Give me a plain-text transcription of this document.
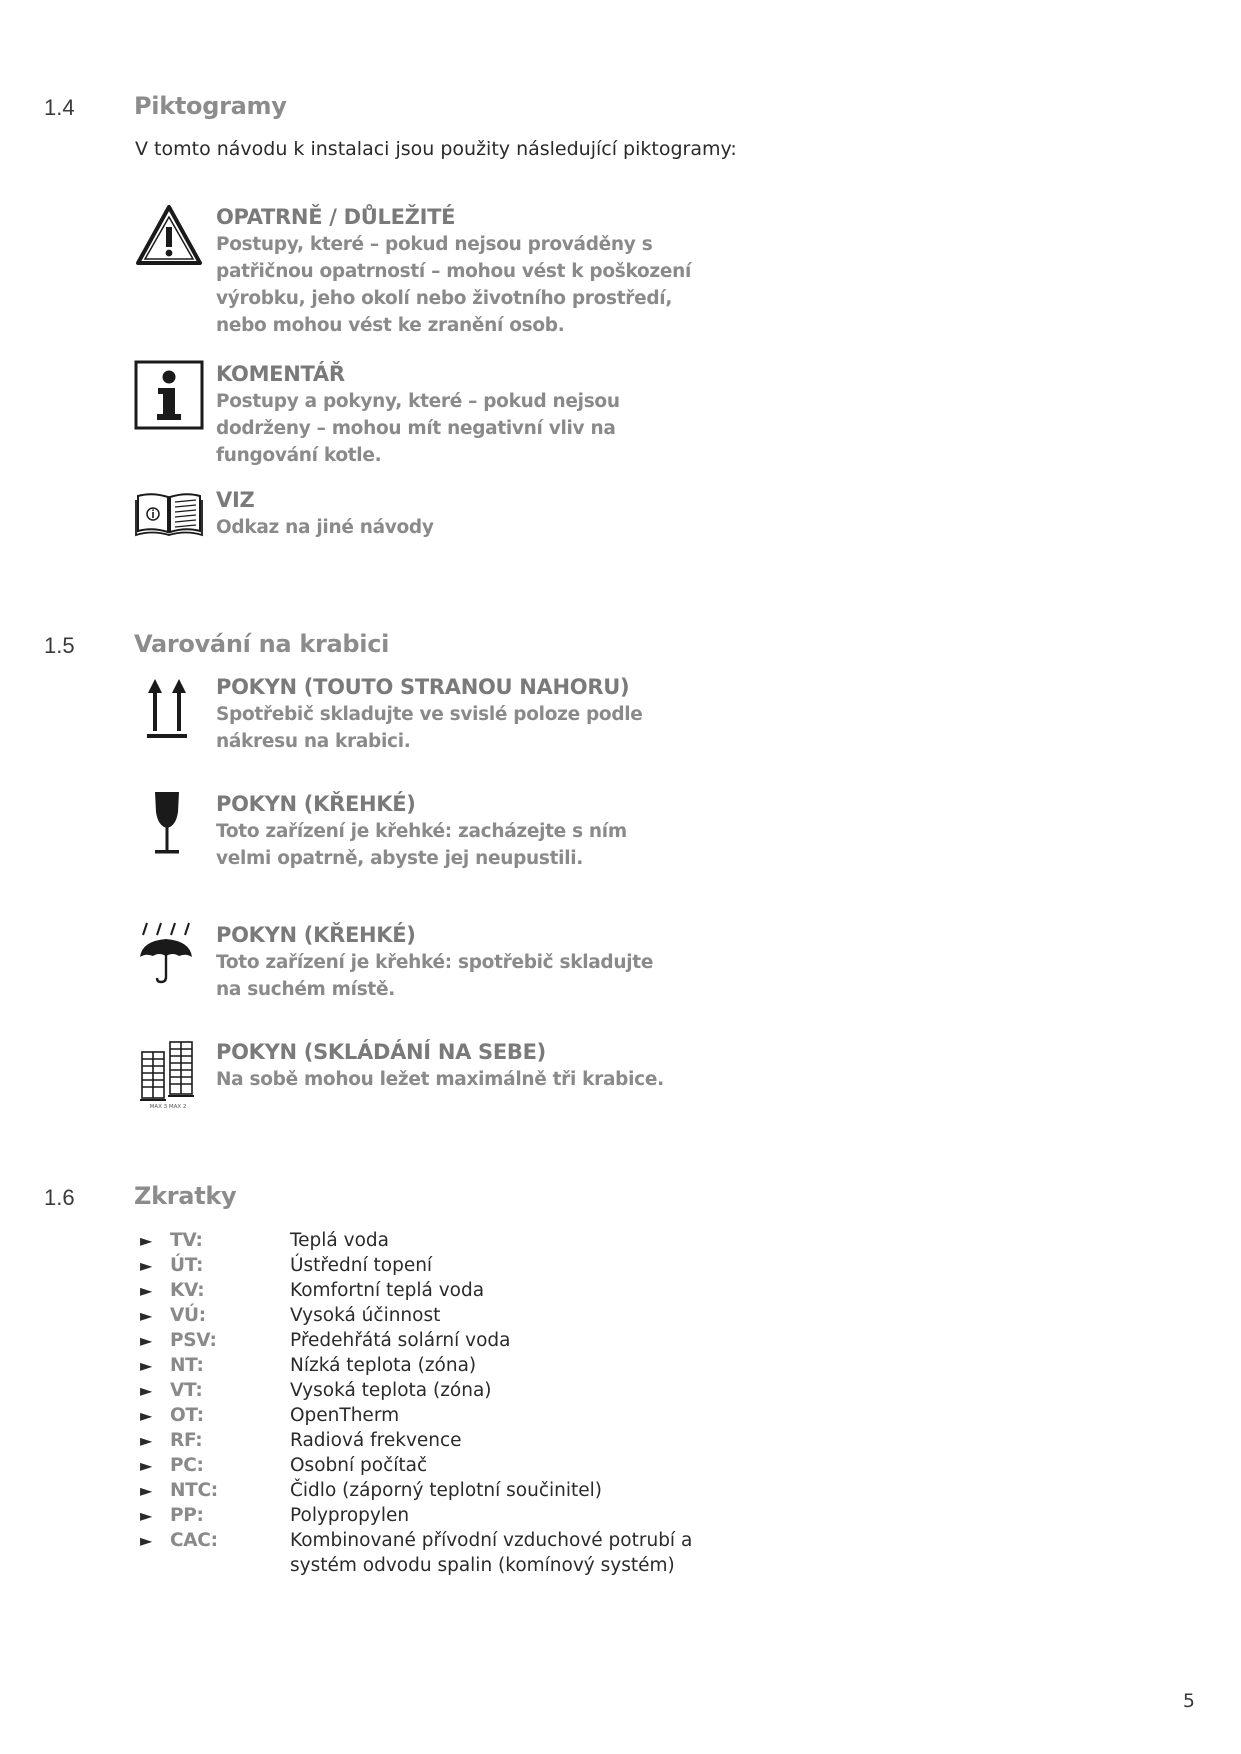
1.4 Piktogramy
V tomto návodu k instalaci jsou použity následující piktogramy:
OPATRNĚ / DŮLEŽITÉ
Postupy, které – pokud nejsou prováděny s
patřičnou opatrností – mohou vést k poškození
výrobku, jeho okolí nebo životního prostředí,
nebo mohou vést ke zranění osob.
KOMENTÁŘ
Postupy a pokyny, které – pokud nejsou
dodrženy – mohou mít negativní vliv na
fungování kotle.
VIZ
Odkaz na jiné návody
1.5 Varování na krabici
POKYN (TOUTO STRANOU NAHORU)
Spotřebič skladujte ve svislé poloze podle
nákresu na krabici.
POKYN (KŘEHKÉ)
Toto zařízení je křehké: zacházejte s ním
velmi opatrně, abyste jej neupustili.
POKYN (KŘEHKÉ)
Toto zařízení je křehké: spotřebič skladujte
na suchém místě.
MAX 3 MAX 2
POKYN (SKLÁDÁNÍ NA SEBE)
Na sobě mohou ležet maximálně tři krabice.
1.6 Zkratky
► TV:	Teplá voda
► ÚT:	Ústřední topení
► KV:	Komfortní teplá voda
► VÚ:	Vysoká účinnost
► PSV:	Předehřátá solární voda
► NT:	Nízká teplota (zóna)
► VT:	Vysoká teplota (zóna)
► OT:	OpenTherm
► RF:	Radiová frekvence
► PC:	Osobní počítač
► NTC:	Čidlo (záporný teplotní součinitel)
► PP:	Polypropylen
► CAC:	Kombinované přívodní vzduchové potrubí a
systém odvodu spalin (komínový systém)
5
